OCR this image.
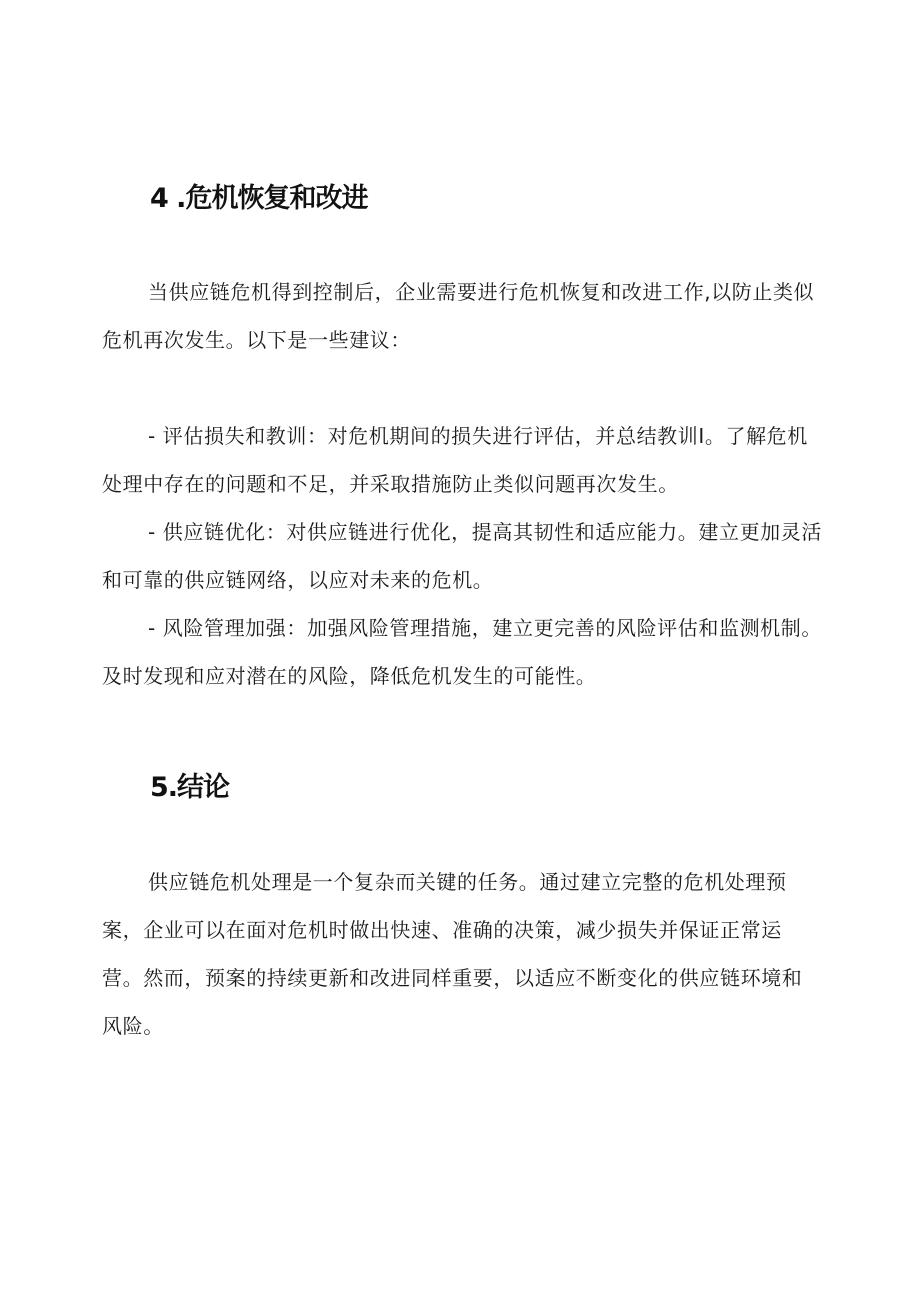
4 .危机恢复和改进

当供应链危机得到控制后，企业需要进行危机恢复和改进工作,以防止类似危机再次发生。以下是一些建议：

- 评估损失和教训：对危机期间的损失进行评估，并总结教训Ⅰ。了解危机处理中存在的问题和不足，并采取措施防止类似问题再次发生。

- 供应链优化：对供应链进行优化，提高其韧性和适应能力。建立更加灵活和可靠的供应链网络，以应对未来的危机。

- 风险管理加强：加强风险管理措施，建立更完善的风险评估和监测机制。及时发现和应对潜在的风险，降低危机发生的可能性。

5.结论

供应链危机处理是一个复杂而关键的任务。通过建立完整的危机处理预案，企业可以在面对危机时做出快速、准确的决策，减少损失并保证正常运营。然而，预案的持续更新和改进同样重要，以适应不断变化的供应链环境和风险。
